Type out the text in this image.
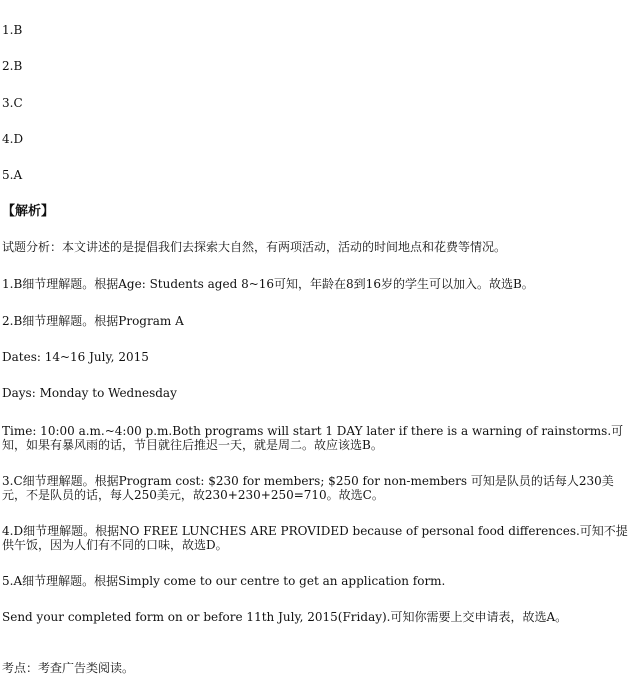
1.B
2.B
3.C
4.D
5.A
【解析】
试题分析：本文讲述的是提倡我们去探索大自然，有两项活动，活动的时间地点和花费等情况。
1.B细节理解题。根据Age: Students aged 8~16可知，年龄在8到16岁的学生可以加入。故选B。
2.B细节理解题。根据Program A
Dates: 14~16 July, 2015
Days: Monday to Wednesday
Time: 10:00 a.m.~4:00 p.m.Both programs will start 1 DAY later if there is a warning of rainstorms.可知，如果有暴风雨的话，节目就往后推迟一天，就是周二。故应该选B。
3.C细节理解题。根据Program cost: $230 for members; $250 for non-members 可知是队员的话每人230美元，不是队员的话，每人250美元，故230+230+250=710。故选C。
4.D细节理解题。根据NO FREE LUNCHES ARE PROVIDED because of personal food differences.可知不提供午饭，因为人们有不同的口味，故选D。
5.A细节理解题。根据Simply come to our centre to get an application form.
Send your completed form on or before 11th July, 2015(Friday).可知你需要上交申请表，故选A。
考点：考查广告类阅读。
